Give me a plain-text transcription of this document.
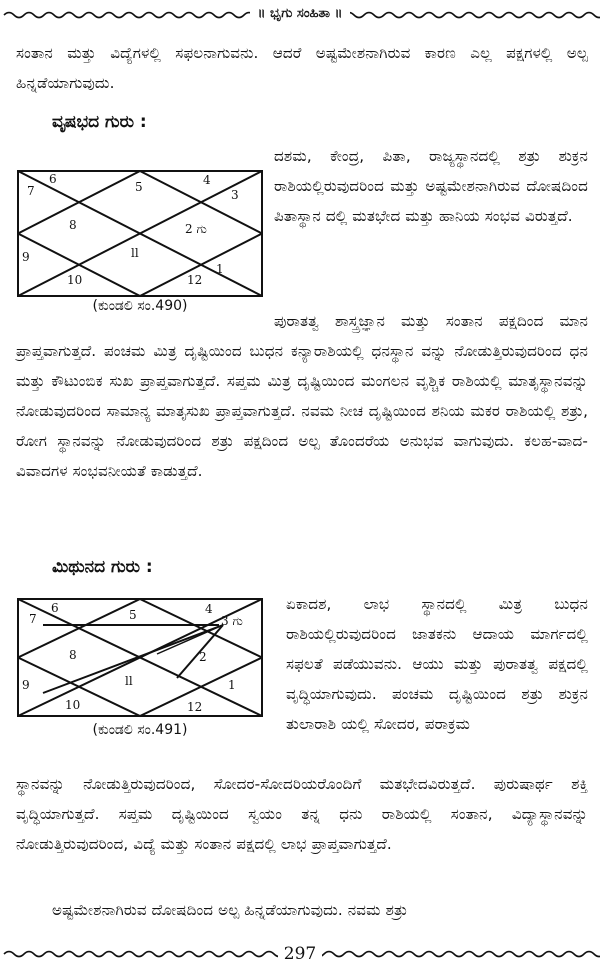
॥ ಭೃಗು ಸಂಹಿತಾ ॥
ಸಂತಾನ ಮತ್ತು ವಿದ್ಯೆಗಳಲ್ಲಿ ಸಫಲನಾಗುವನು. ಆದರೆ ಅಷ್ಟಮೇಶನಾಗಿರುವ ಕಾರಣ ಎಲ್ಲ ಪಕ್ಷಗಳಲ್ಲಿ ಅಲ್ಪ ಹಿನ್ನಡೆಯಾಗುವುದು.
ವೃಷಭದ ಗುರು :
5
6
7
8
9
10
ll
12
1
2 ಗು
3
4
(ಕುಂಡಲಿ ಸಂ.490)
ದಶಮ, ಕೇಂದ್ರ, ಪಿತಾ, ರಾಜ್ಯಸ್ಥಾನದಲ್ಲಿ ಶತ್ರು ಶುಕ್ರನ ರಾಶಿಯಲ್ಲಿರುವುದರಿಂದ ಮತ್ತು ಅಷ್ಟಮೇಶನಾಗಿರುವ ದೋಷದಿಂದ ಪಿತಾಸ್ಥಾನ ದಲ್ಲಿ ಮತಭೇದ ಮತ್ತು ಹಾನಿಯ ಸಂಭವ ವಿರುತ್ತದೆ.
ಪುರಾತತ್ವ ಶಾಸ್ತ್ರಜ್ಞಾನ ಮತ್ತು ಸಂತಾನ ಪಕ್ಷದಿಂದ ಮಾನ ಪ್ರಾಪ್ತವಾಗುತ್ತದೆ. ಪಂಚಮ ಮಿತ್ರ ದೃಷ್ಟಿಯಿಂದ ಬುಧನ ಕನ್ಯಾರಾಶಿಯಲ್ಲಿ ಧನಸ್ಥಾನ ವನ್ನು ನೋಡುತ್ತಿರುವುದರಿಂದ ಧನ ಮತ್ತು ಕೌಟುಂಬಿಕ ಸುಖ ಪ್ರಾಪ್ತವಾಗುತ್ತದೆ. ಸಪ್ತಮ ಮಿತ್ರ ದೃಷ್ಟಿಯಿಂದ ಮಂಗಲನ ವೃಶ್ಚಿಕ ರಾಶಿಯಲ್ಲಿ ಮಾತೃಸ್ಥಾನವನ್ನು ನೋಡುವುದರಿಂದ ಸಾಮಾನ್ಯ ಮಾತೃಸುಖ ಪ್ರಾಪ್ತವಾಗುತ್ತದೆ. ನವಮ ನೀಚ ದೃಷ್ಟಿಯಿಂದ ಶನಿಯ ಮಕರ ರಾಶಿಯಲ್ಲಿ ಶತ್ರು, ರೋಗ ಸ್ಥಾನವನ್ನು ನೋಡುವುದರಿಂದ ಶತ್ರು ಪಕ್ಷದಿಂದ ಅಲ್ಪ ತೊಂದರೆಯ ಅನುಭವ ವಾಗುವುದು. ಕಲಹ-ವಾದ-ವಿವಾದಗಳ ಸಂಭವನೀಯತೆ ಕಾಡುತ್ತದೆ.
ಮಿಥುನದ ಗುರು :
5
6
7
8
9
10
ll
12
1
2
3 ಗು
4
(ಕುಂಡಲಿ ಸಂ.491)
ಏಕಾದಶ, ಲಾಭ ಸ್ಥಾನದಲ್ಲಿ ಮಿತ್ರ ಬುಧನ ರಾಶಿಯಲ್ಲಿರುವುದರಿಂದ ಜಾತಕನು ಆದಾಯ ಮಾರ್ಗದಲ್ಲಿ ಸಫಲತೆ ಪಡೆಯುವನು. ಆಯು ಮತ್ತು ಪುರಾತತ್ವ ಪಕ್ಷದಲ್ಲಿ ವೃದ್ಧಿಯಾಗುವುದು. ಪಂಚಮ ದೃಷ್ಟಿಯಿಂದ ಶತ್ರು ಶುಕ್ರನ ತುಲಾರಾಶಿ ಯಲ್ಲಿ ಸೋದರ, ಪರಾಕ್ರಮ
ಸ್ಥಾನವನ್ನು ನೋಡುತ್ತಿರುವುದರಿಂದ, ಸೋದರ-ಸೋದರಿಯರೊಂದಿಗೆ ಮತಭೇದವಿರುತ್ತದೆ. ಪುರುಷಾರ್ಥ ಶಕ್ತಿ ವೃದ್ಧಿಯಾಗುತ್ತದೆ. ಸಪ್ತಮ ದೃಷ್ಟಿಯಿಂದ ಸ್ವಯಂ ತನ್ನ ಧನು ರಾಶಿಯಲ್ಲಿ ಸಂತಾನ, ವಿದ್ಯಾಸ್ಥಾನವನ್ನು ನೋಡುತ್ತಿರುವುದರಿಂದ, ವಿದ್ಯೆ ಮತ್ತು ಸಂತಾನ ಪಕ್ಷದಲ್ಲಿ ಲಾಭ ಪ್ರಾಪ್ತವಾಗುತ್ತದೆ.
ಅಷ್ಟಮೇಶನಾಗಿರುವ ದೋಷದಿಂದ ಅಲ್ಪ ಹಿನ್ನಡೆಯಾಗುವುದು. ನವಮ ಶತ್ರು
297
